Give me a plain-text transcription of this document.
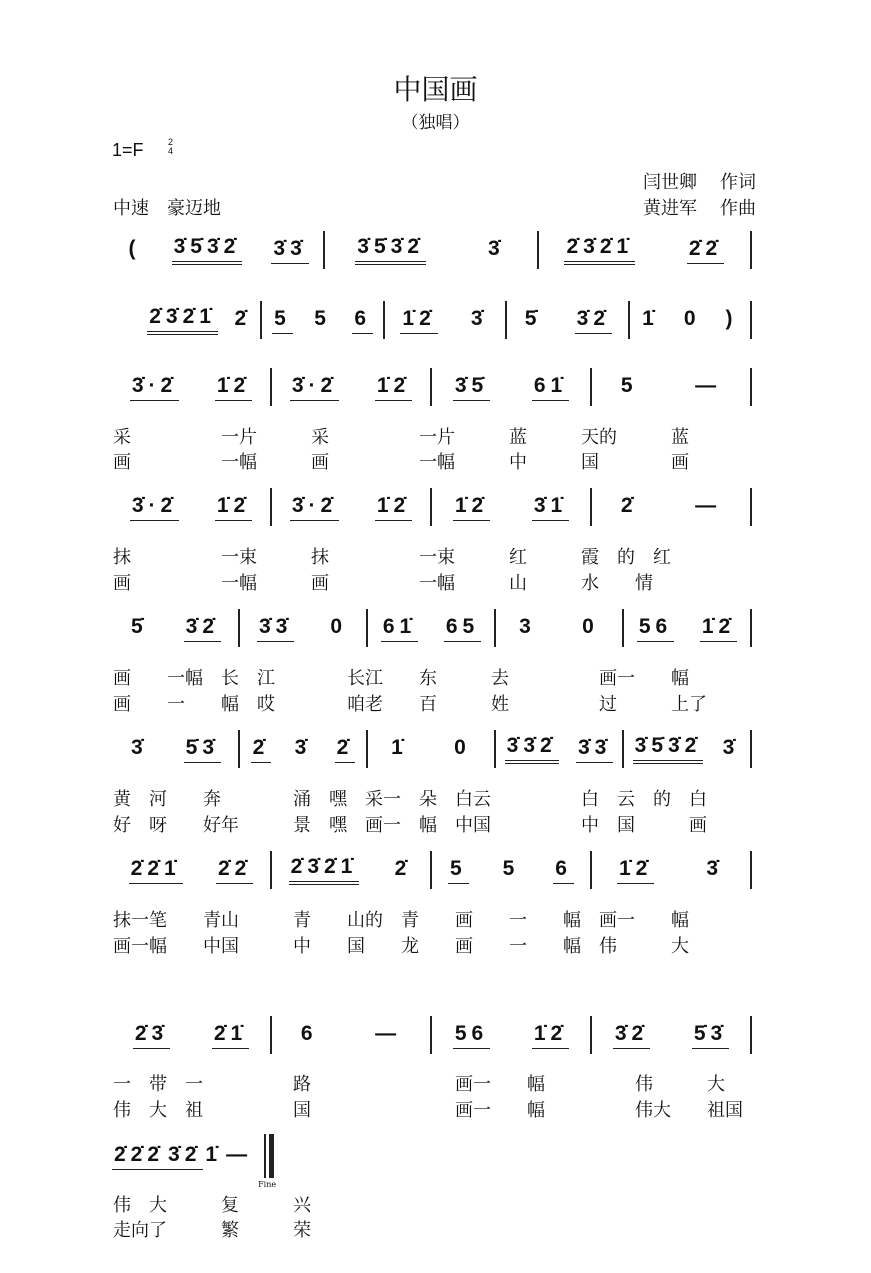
中国画
（独唱）
1=F	2
4
闫世卿　 作词
黄进军　 作曲
中速　豪迈地
( 3̇5̇3̇2̇ 3̇3̇ 3̇5̇3̇2̇	3̇	2̇3̇2̇1̇	2̇2̇
2̇3̇2̇1̇ 2̇ 5 5 6 1̇2̇ 3̇ 5̇ 3̇2̇ 1̇ 0 )
3̇·2̇ 1̇2̇ 3̇·2̇ 1̇2̇ 3̇5̇ 61̇	5	—
3̇·2̇ 1̇2̇ 3̇·2̇ 1̇2̇ 1̇2̇ 3̇1̇	2̇	—
5̇ 3̇2̇ 3̇3̇ 0 61̇ 65 3 0 56 1̇2̇
3̇ 5̇3̇ 2̇ 3̇ 2̇ 1̇ 0 3̇3̇2̇ 3̇3̇ 3̇5̇3̇2̇ 3̇
2̇2̇1̇ 2̇2̇ 2̇3̇2̇1̇ 2̇ 5 5 6 1̇2̇	3̇
2̇3̇ 2̇1̇	6	—	56 1̇2̇ 3̇2̇ 5̇3̇
2̇2̇2̇ 3̇2̇ 1̇ —
Fine
采　　　　　一片　　　采　　　　　一片　　　蓝　　　天的　　　蓝
画　　　　　一幅　　　画　　　　　一幅　　　中　　　国　　　　画
抹　　　　　一束　　　抹　　　　　一束　　　红　　　霞　的　红
画　　　　　一幅　　　画　　　　　一幅　　　山　　　水　　情
画　　一幅　长　江　　　　长江　　东　　　去　　　　　画一　　幅
画　　一　　幅　哎　　　　咱老　　百　　　姓　　　　　过　　　上了
黄　河　　奔　　　　涌　嘿　采一　朵　白云　　　　　白　云　的　白
好　呀　　好年　　　景　嘿　画一　幅　中国　　　　　中　国　　　画
抹一笔　　青山　　　青　　山的　青　　画　　一　　幅　画一　　幅
画一幅　　中国　　　中　　国　　龙　　画　　一　　幅　伟　　　大
一　带　一　　　　　路　　　　　　　　画一　　幅　　　　　伟　　　大
伟　大　祖　　　　　国　　　　　　　　画一　　幅　　　　　伟大　　祖国
伟　大　　　复　　　兴
走向了　　　繁　　　荣
